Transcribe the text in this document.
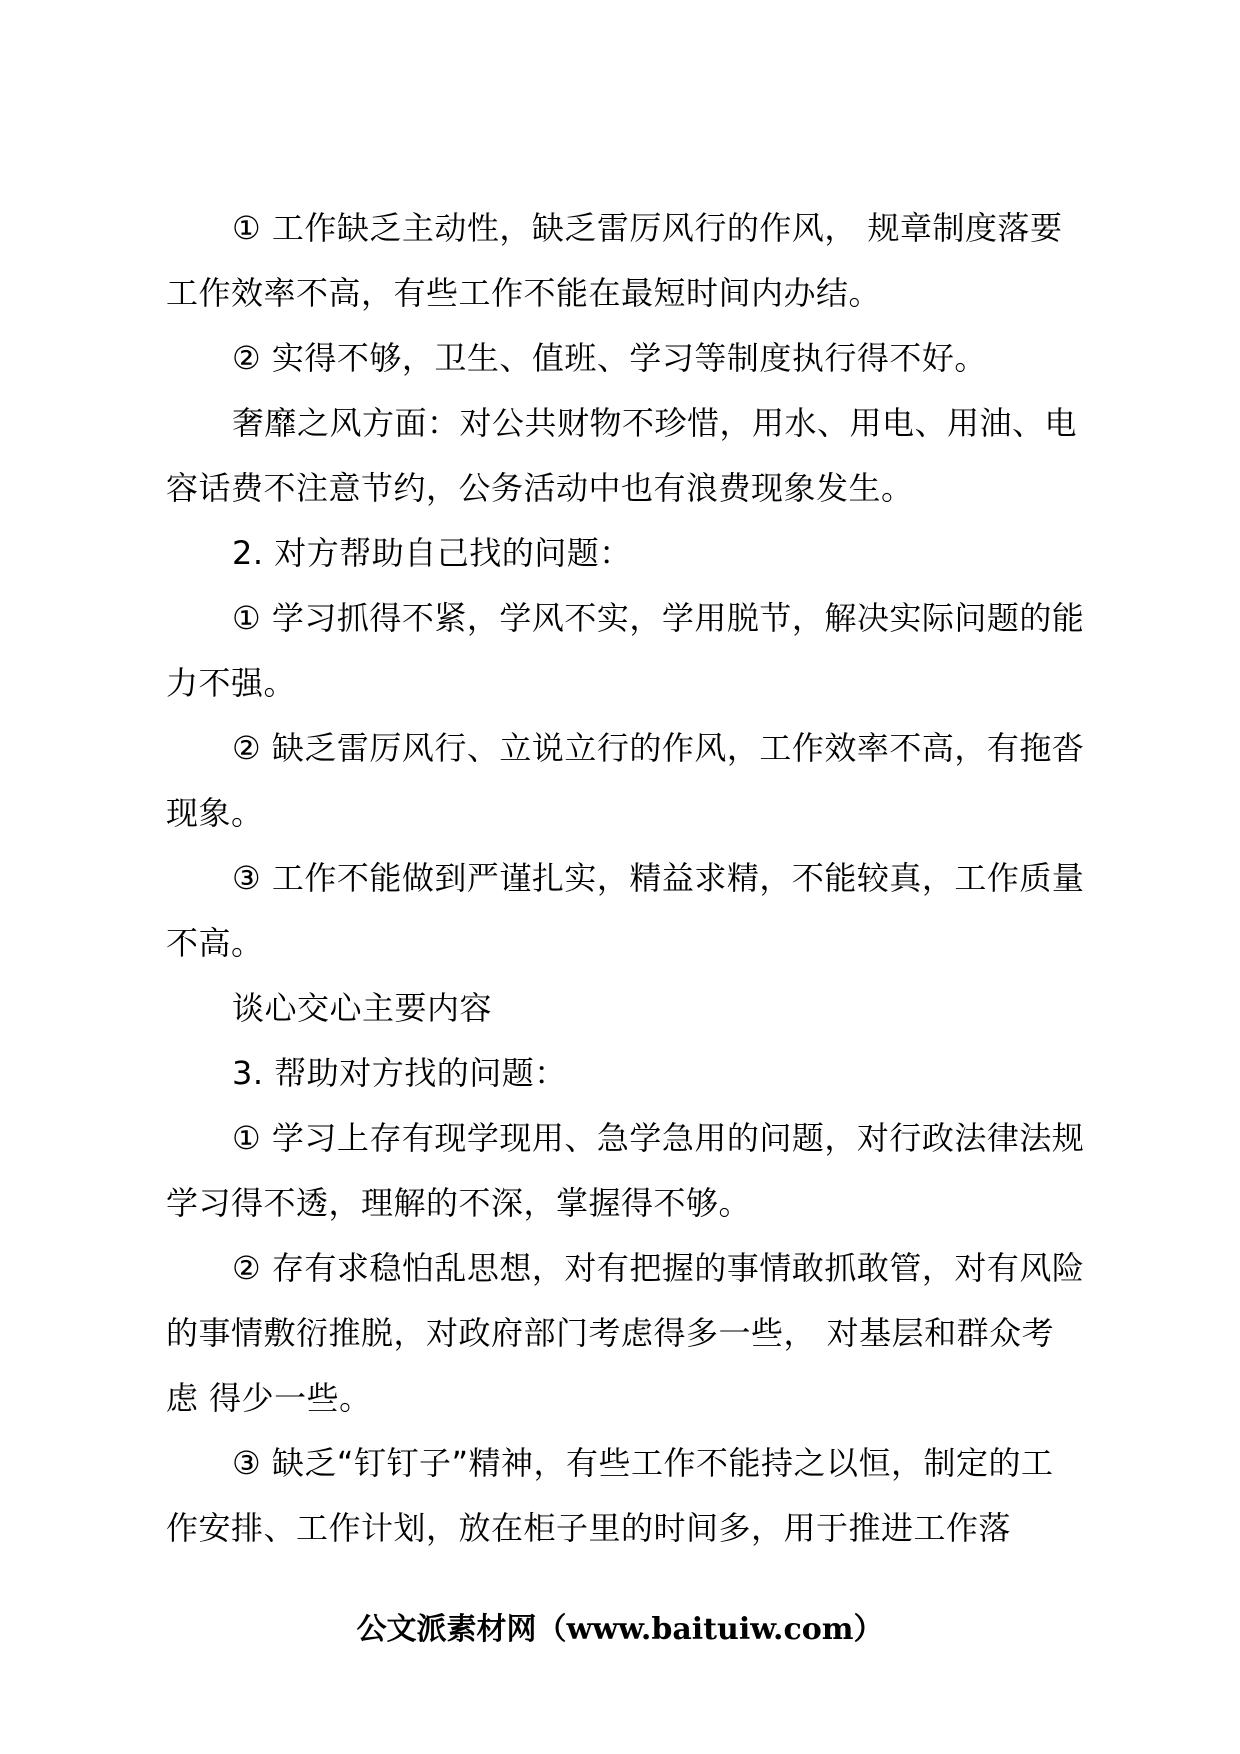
① 工作缺乏主动性，缺乏雷厉风行的作风， 规章制度落要 工作效率不高，有些工作不能在最短时间内办结。

② 实得不够，卫生、值班、学习等制度执行得不好。

奢靡之风方面：对公共财物不珍惜，用水、用电、用油、电容话费不注意节约，公务活动中也有浪费现象发生。

2. 对方帮助自己找的问题：

① 学习抓得不紧，学风不实，学用脱节，解决实际问题的能力不强。

② 缺乏雷厉风行、立说立行的作风，工作效率不高，有拖沓现象。

③ 工作不能做到严谨扎实，精益求精，不能较真，工作质量不高。

谈心交心主要内容

3. 帮助对方找的问题：

① 学习上存有现学现用、急学急用的问题，对行政法律法规 学习得不透，理解的不深，掌握得不够。

② 存有求稳怕乱思想，对有把握的事情敢抓敢管，对有风险 的事情敷衍推脱，对政府部门考虑得多一些， 对基层和群众考虑 得少一些。

③ 缺乏“钉钉子”精神，有些工作不能持之以恒，制定的工作安排、工作计划，放在柜子里的时间多，用于推进工作落

公文派素材网（www.baituiw.com）
